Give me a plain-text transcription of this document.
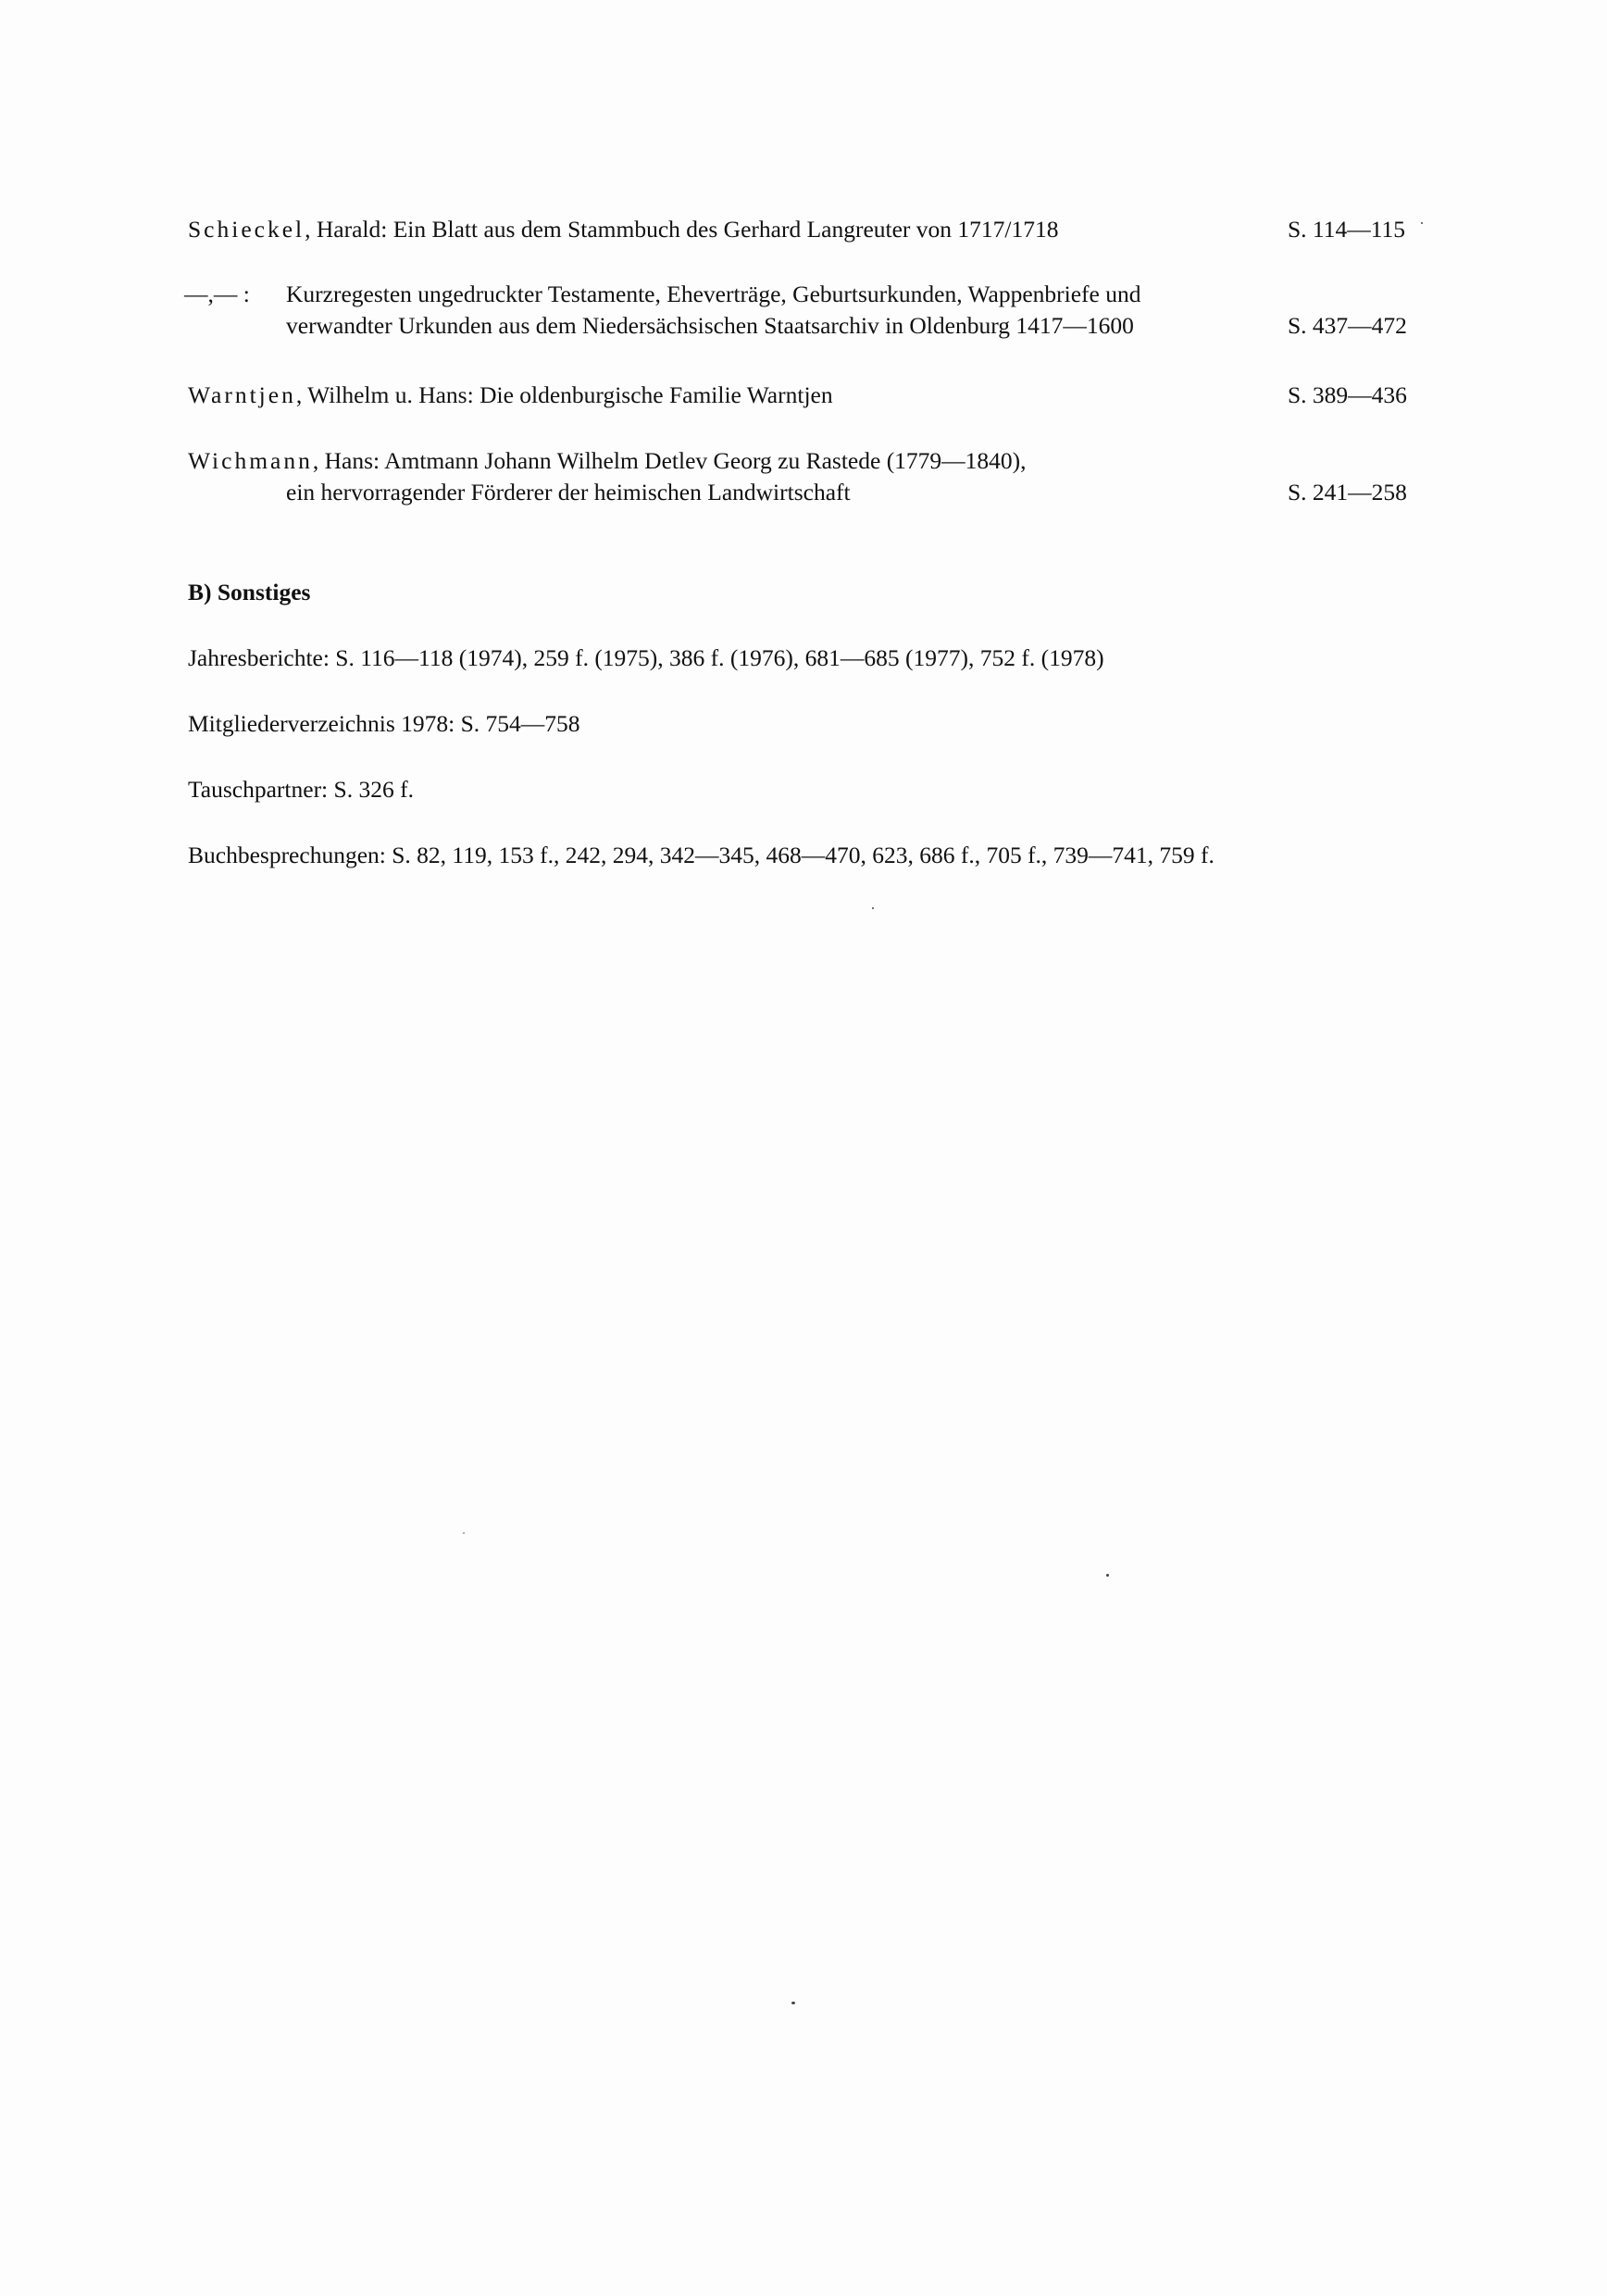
Schieckel, Harald: Ein Blatt aus dem Stammbuch des Gerhard Langreuter von 1717/1718	S. 114—115
—,— : Kurzregesten ungedruckter Testamente, Eheverträge, Geburtsurkunden, Wappenbriefe und
verwandter Urkunden aus dem Niedersächsischen Staatsarchiv in Oldenburg 1417—1600	S. 437—472
Warntjen, Wilhelm u. Hans: Die oldenburgische Familie Warntjen	S. 389—436
Wichmann, Hans: Amtmann Johann Wilhelm Detlev Georg zu Rastede (1779—1840),
ein hervorragender Förderer der heimischen Landwirtschaft	S. 241—258
B) Sonstiges
Jahresberichte: S. 116—118 (1974), 259 f. (1975), 386 f. (1976), 681—685 (1977), 752 f. (1978)
Mitgliederverzeichnis 1978: S. 754—758
Tauschpartner: S. 326 f.
Buchbesprechungen: S. 82, 119, 153 f., 242, 294, 342—345, 468—470, 623, 686 f., 705 f., 739—741, 759 f.
